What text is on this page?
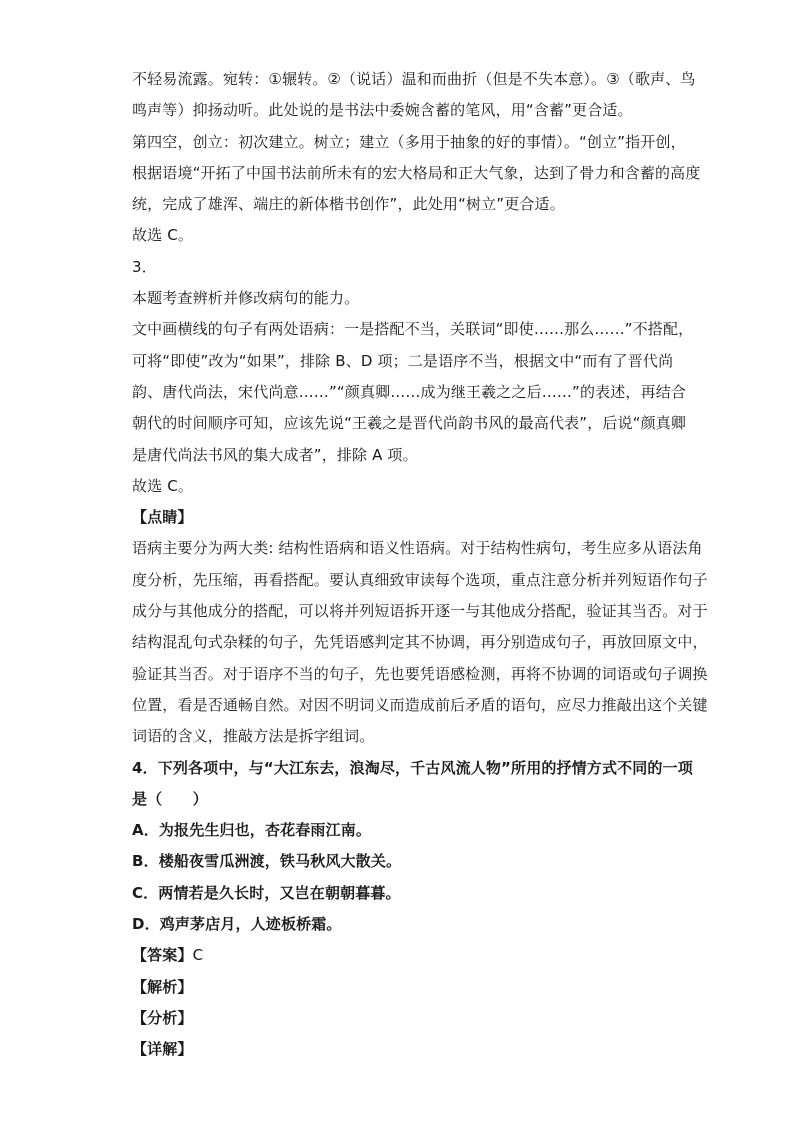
不轻易流露。宛转：①辗转。②（说话）温和而曲折（但是不失本意）。③（歌声、鸟
鸣声等）抑扬动听。此处说的是书法中委婉含蓄的笔风，用“含蓄”更合适。
第四空，创立：初次建立。树立；建立（多用于抽象的好的事情）。“创立”指开创，
根据语境“开拓了中国书法前所未有的宏大格局和正大气象，达到了骨力和含蓄的高度
统，完成了雄浑、端庄的新体楷书创作”，此处用“树立”更合适。
故选 C。
3．
本题考查辨析并修改病句的能力。
文中画横线的句子有两处语病：一是搭配不当，关联词“即使……那么……”不搭配，
可将“即使”改为“如果”，排除 B、D 项；二是语序不当，根据文中“而有了晋代尚
韵、唐代尚法，宋代尚意……”“颜真卿……成为继王羲之之后……”的表述，再结合
朝代的时间顺序可知，应该先说“王羲之是晋代尚韵书风的最高代表”，后说“颜真卿
是唐代尚法书风的集大成者”，排除 A 项。
故选 C。
【点睛】
语病主要分为两大类: 结构性语病和语义性语病。对于结构性病句，考生应多从语法角
度分析，先压缩，再看搭配。要认真细致审读每个选项，重点注意分析并列短语作句子
成分与其他成分的搭配，可以将并列短语拆开逐一与其他成分搭配，验证其当否。对于
结构混乱句式杂糅的句子，先凭语感判定其不协调，再分别造成句子，再放回原文中，
验证其当否。对于语序不当的句子，先也要凭语感检测，再将不协调的词语或句子调换
位置，看是否通畅自然。对因不明词义而造成前后矛盾的语句，应尽力推敲出这个关键
词语的含义，推敲方法是拆字组词。
4．下列各项中，与“大江东去，浪淘尽，千古风流人物”所用的抒情方式不同的一项
是（　　）
A．为报先生归也，杏花春雨江南。
B．楼船夜雪瓜洲渡，铁马秋风大散关。
C．两情若是久长时，又岂在朝朝暮暮。
D．鸡声茅店月，人迹板桥霜。
【答案】C
【解析】
【分析】
【详解】
